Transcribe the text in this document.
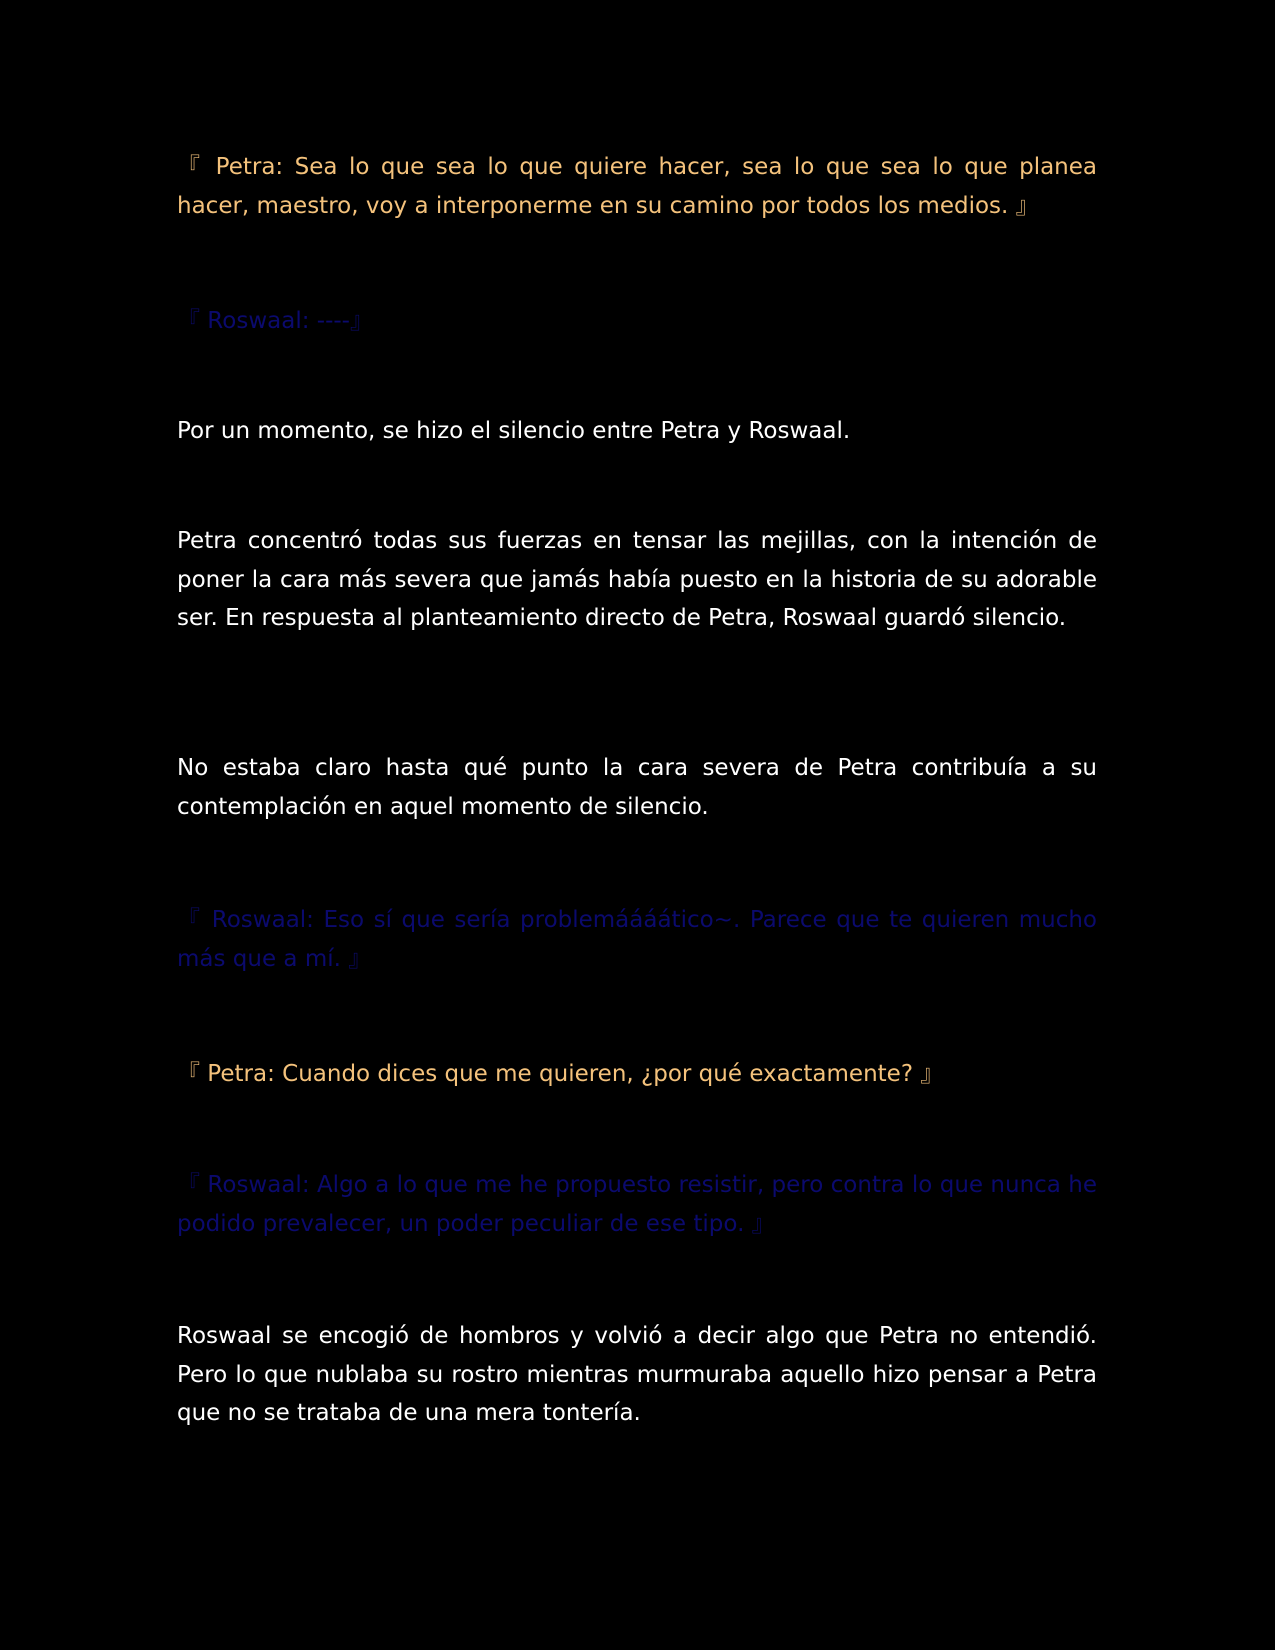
『 Petra: Sea lo que sea lo que quiere hacer, sea lo que sea lo que planea hacer, maestro, voy a interponerme en su camino por todos los medios. 』

『 Roswaal: ----』

Por un momento, se hizo el silencio entre Petra y Roswaal.

Petra concentró todas sus fuerzas en tensar las mejillas, con la intención de poner la cara más severa que jamás había puesto en la historia de su adorable ser. En respuesta al planteamiento directo de Petra, Roswaal guardó silencio.

No estaba claro hasta qué punto la cara severa de Petra contribuía a su contemplación en aquel momento de silencio.

『 Roswaal: Eso sí que sería problemáááático~. Parece que te quieren mucho más que a mí. 』

『 Petra: Cuando dices que me quieren, ¿por qué exactamente? 』

『 Roswaal: Algo a lo que me he propuesto resistir, pero contra lo que nunca he podido prevalecer, un poder peculiar de ese tipo. 』

Roswaal se encogió de hombros y volvió a decir algo que Petra no entendió. Pero lo que nublaba su rostro mientras murmuraba aquello hizo pensar a Petra que no se trataba de una mera tontería.
